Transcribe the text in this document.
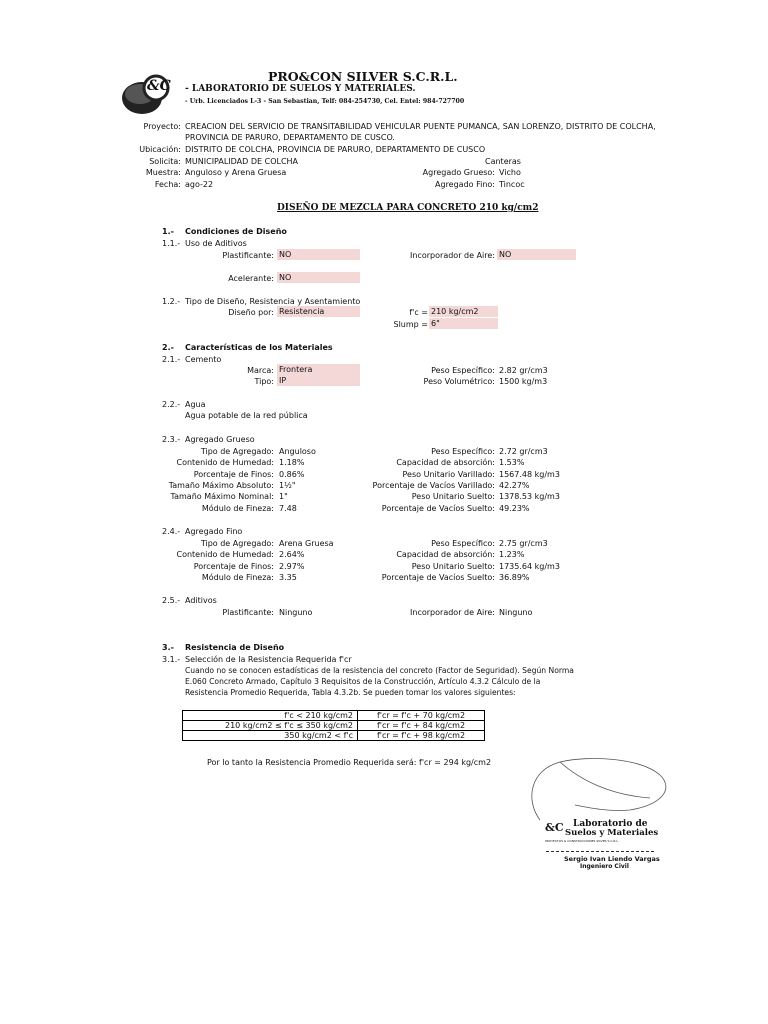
&C
PRO&CON SILVER S.C.R.L.
- LABORATORIO DE SUELOS Y MATERIALES.
- Urb. Licenciados L-3 - San Sebastian, Telf: 084-254730, Cel. Entel: 984-727700
Proyecto: CREACION DEL SERVICIO DE TRANSITABILIDAD VEHICULAR PUENTE PUMANCA, SAN LORENZO, DISTRITO DE COLCHA,
PROVINCIA DE PARURO, DEPARTAMENTO DE CUSCO.
Ubicación: DISTRITO DE COLCHA, PROVINCIA DE PARURO, DEPARTAMENTO DE CUSCO
Solicita: MUNICIPALIDAD DE COLCHA	Canteras
Muestra: Anguloso y Arena Gruesa	Agregado Grueso: Vicho
Fecha: ago-22	Agregado Fino: Tincoc
DISEÑO DE MEZCLA PARA CONCRETO 210 kg/cm2
1.- Condiciones de Diseño
1.1.- Uso de Aditivos
Plastificante: NO	Incorporador de Aire: NO
Acelerante: NO
1.2.- Tipo de Diseño, Resistencia y Asentamiento
Diseño por: Resistencia	f'c = 210 kg/cm2
Slump = 6"
2.- Características de los Materiales
2.1.- Cemento
Marca: Frontera
Tipo: IP
Peso Específico: 2.82 gr/cm3
Peso Volumétrico: 1500 kg/m3
2.2.- Agua
Agua potable de la red pública
2.3.- Agregado Grueso
Tipo de Agregado: Anguloso	Peso Específico: 2.72 gr/cm3
Contenido de Humedad: 1.18%	Capacidad de absorción: 1.53%
Porcentaje de Finos: 0.86%	Peso Unitario Varillado: 1567.48 kg/m3
Tamaño Máximo Absoluto: 1½"	Porcentaje de Vacíos Varillado: 42.27%
Tamaño Máximo Nominal: 1"	Peso Unitario Suelto: 1378.53 kg/m3
Módulo de Fineza: 7.48	Porcentaje de Vacíos Suelto: 49.23%
2.4.- Agregado Fino
Tipo de Agregado: Arena Gruesa	Peso Específico: 2.75 gr/cm3
Contenido de Humedad: 2.64%	Capacidad de absorción: 1.23%
Porcentaje de Finos: 2.97%	Peso Unitario Suelto: 1735.64 kg/m3
Módulo de Fineza: 3.35	Porcentaje de Vacíos Suelto: 36.89%
2.5.- Aditivos
Plastificante: Ninguno	Incorporador de Aire: Ninguno
3.- Resistencia de Diseño
3.1.- Selección de la Resistencia Requerida f'cr
Cuando no se conocen estadísticas de la resistencia del concreto (Factor de Seguridad). Según Norma
E.060 Concreto Armado, Capítulo 3 Requisitos de la Construcción, Artículo 4.3.2 Cálculo de la
Resistencia Promedio Requerida, Tabla 4.3.2b. Se pueden tomar los valores siguientes:
f'c < 210 kg/cm2	f'cr = f'c + 70 kg/cm2
210 kg/cm2 ≤ f'c ≤ 350 kg/cm2	f'cr = f'c + 84 kg/cm2
350 kg/cm2 < f'c	f'cr = f'c + 98 kg/cm2
Por lo tanto la Resistencia Promedio Requerida será: f'cr = 294 kg/cm2
&C Laboratorio de
Suelos y Materiales
PROYECTOS & CONSTRUCCIONES SILVER S.C.R.L.
Sergio Ivan Liendo Vargas
Ingeniero Civil
